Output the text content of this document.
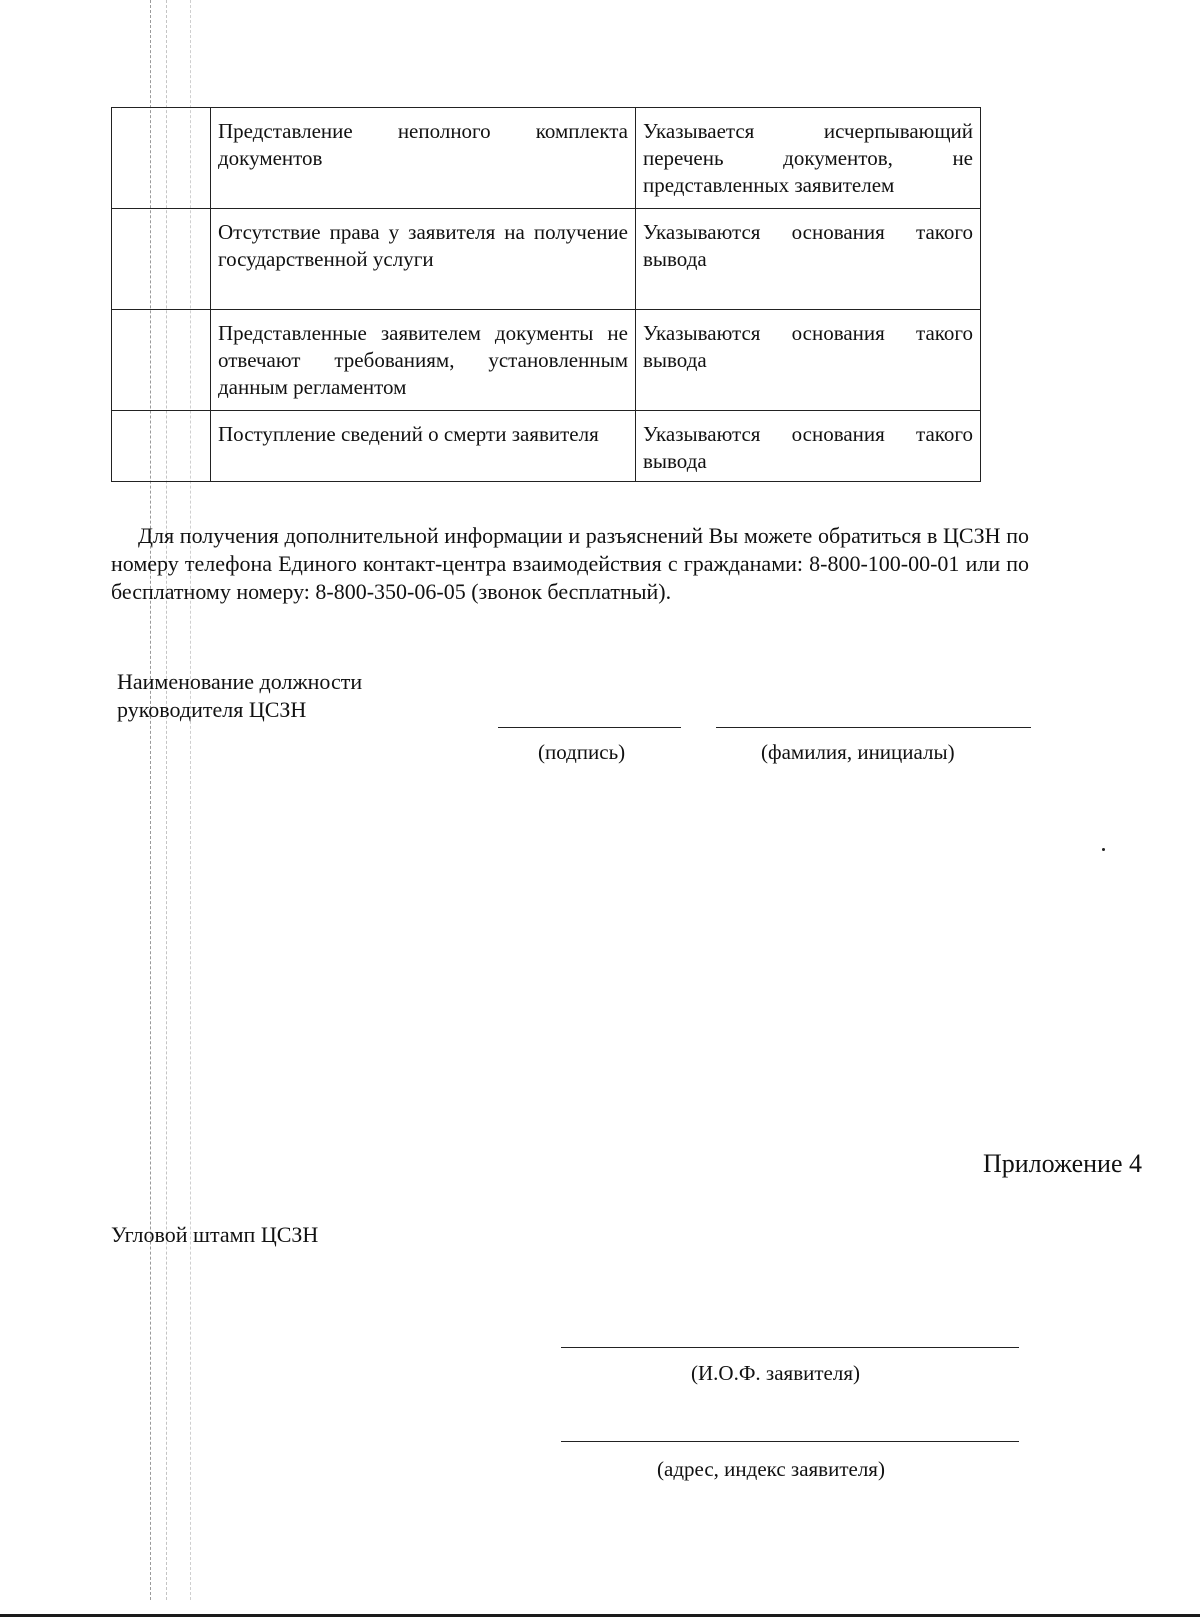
	Представление неполного комплекта документов	Указывается исчерпывающий перечень документов, не представленных заявителем

	Отсутствие права у заявителя на получение государственной услуги	Указываются основания такого вывода

	Представленные заявителем документы не отвечают требованиям, установленным данным регламентом	Указываются основания такого вывода

	Поступление сведений о смерти заявителя	Указываются основания такого вывода

Для получения дополнительной информации и разъяснений Вы можете обратиться в ЦСЗН по номеру телефона Единого контакт-центра взаимодействия с гражданами: 8-800-100-00-01 или по бесплатному номеру: 8-800-350-06-05 (звонок бесплатный).

Наименование должности руководителя ЦСЗН

(подпись)	(фамилия, инициалы)

Приложение 4

Угловой штамп ЦСЗН

(И.О.Ф. заявителя)

(адрес, индекс заявителя)
